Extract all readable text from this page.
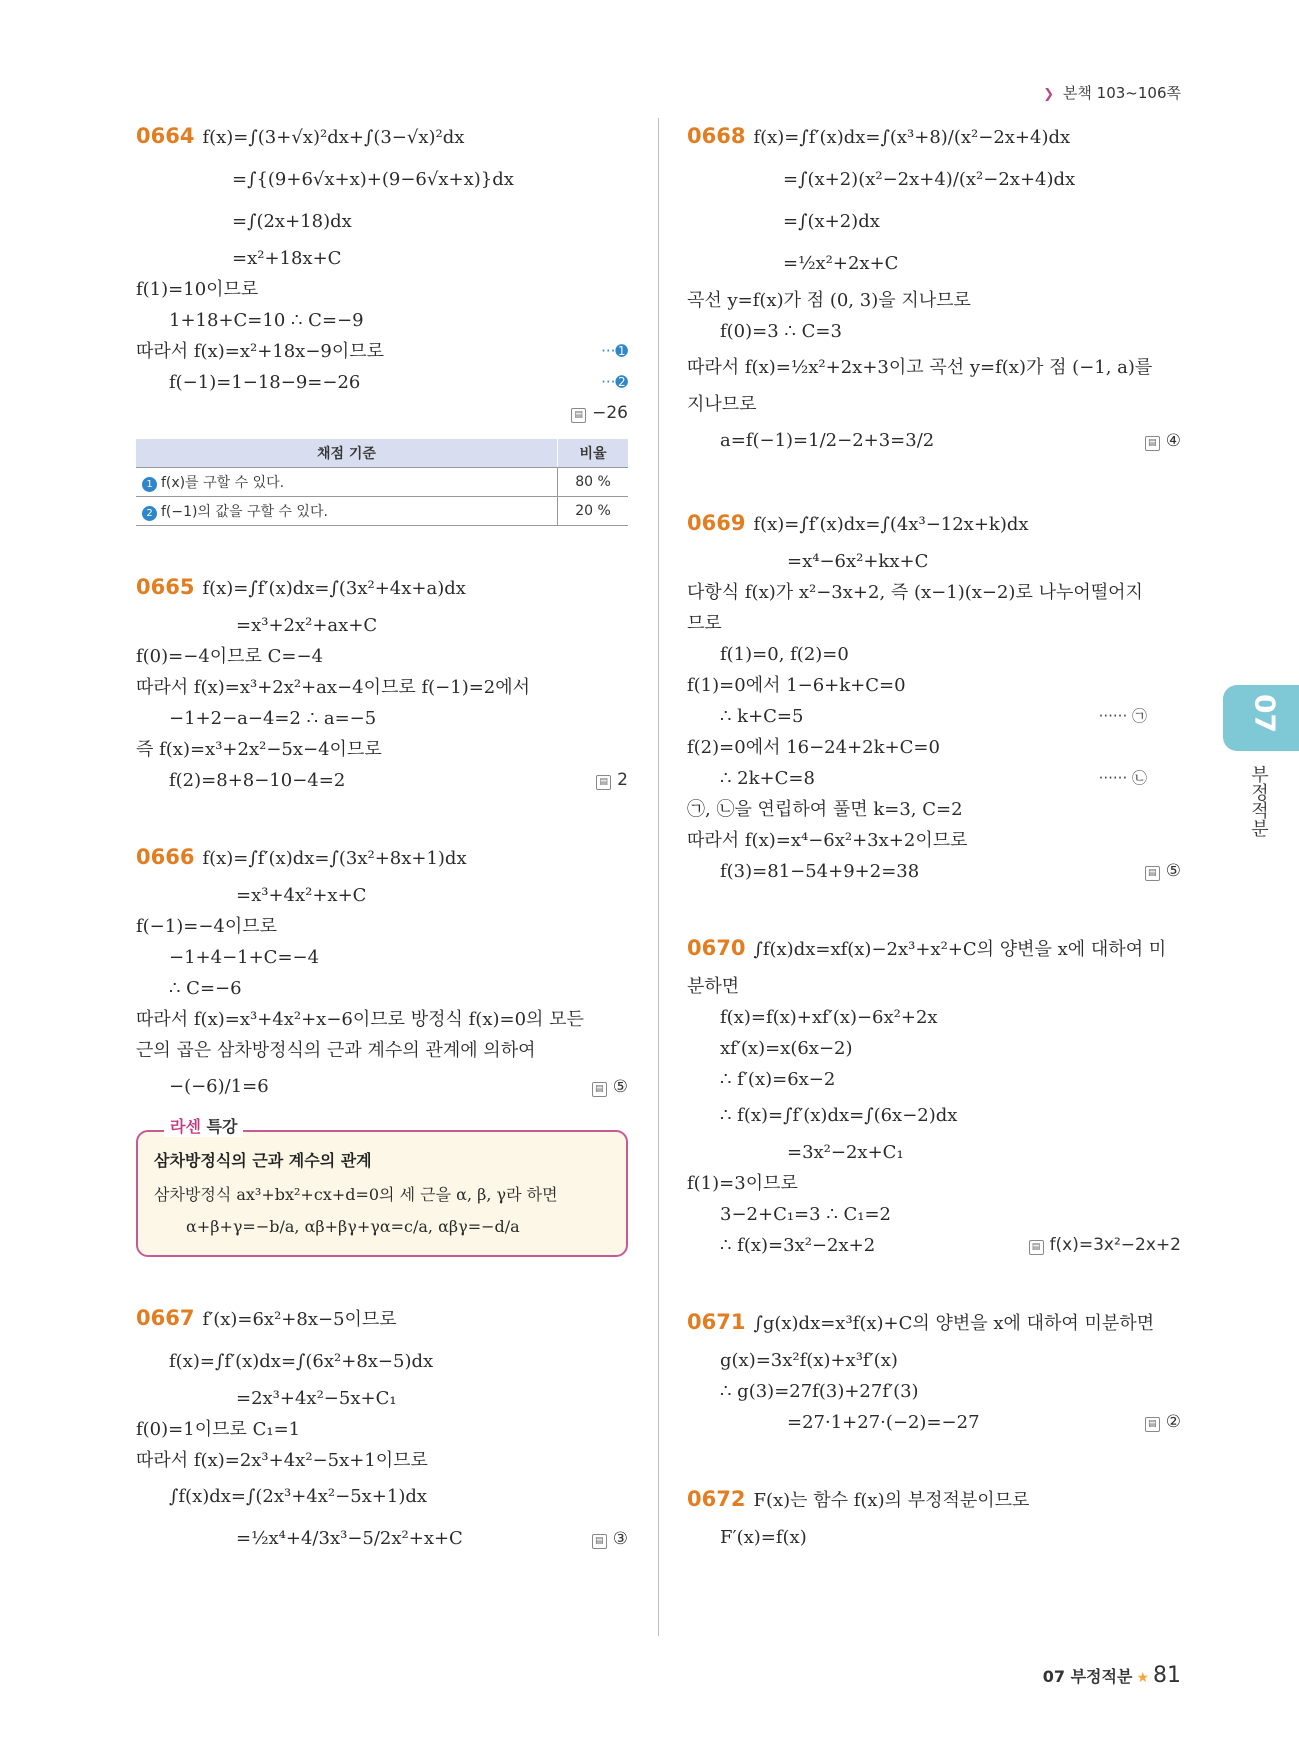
❯ 본책 103~106쪽
0664 f(x)=∫(3+√x)²dx+∫(3−√x)²dx
=∫{(9+6√x+x)+(9−6√x+x)}dx
=∫(2x+18)dx
=x²+18x+C
f(1)=10이므로
1+18+C=10 ∴ C=−9
따라서 f(x)=x²+18x−9이므로	···➊
f(−1)=1−18−9=−26	···➋
▤ −26
채점 기준	비율
1 f(x)를 구할 수 있다.	80 %
2 f(−1)의 값을 구할 수 있다.	20 %
0665 f(x)=∫f′(x)dx=∫(3x²+4x+a)dx
=x³+2x²+ax+C
f(0)=−4이므로 C=−4
따라서 f(x)=x³+2x²+ax−4이므로 f(−1)=2에서
−1+2−a−4=2 ∴ a=−5
즉 f(x)=x³+2x²−5x−4이므로
f(2)=8+8−10−4=2	▤ 2
0666 f(x)=∫f′(x)dx=∫(3x²+8x+1)dx
=x³+4x²+x+C
f(−1)=−4이므로
−1+4−1+C=−4
∴ C=−6
따라서 f(x)=x³+4x²+x−6이므로 방정식 f(x)=0의 모든
근의 곱은 삼차방정식의 근과 계수의 관계에 의하여
−(−6)/1=6	▤ ⑤
라센 특강
삼차방정식의 근과 계수의 관계
삼차방정식 ax³+bx²+cx+d=0의 세 근을 α, β, γ라 하면
α+β+γ=−b/a, αβ+βγ+γα=c/a, αβγ=−d/a
0667 f′(x)=6x²+8x−5이므로
f(x)=∫f′(x)dx=∫(6x²+8x−5)dx
=2x³+4x²−5x+C₁
f(0)=1이므로 C₁=1
따라서 f(x)=2x³+4x²−5x+1이므로
∫f(x)dx=∫(2x³+4x²−5x+1)dx
=½x⁴+4/3x³−5/2x²+x+C	▤ ③
0668 f(x)=∫f′(x)dx=∫(x³+8)/(x²−2x+4)dx
=∫(x+2)(x²−2x+4)/(x²−2x+4)dx
=∫(x+2)dx
=½x²+2x+C
곡선 y=f(x)가 점 (0, 3)을 지나므로
f(0)=3 ∴ C=3
따라서 f(x)=½x²+2x+3이고 곡선 y=f(x)가 점 (−1, a)를
지나므로
a=f(−1)=1/2−2+3=3/2	▤ ④
0669 f(x)=∫f′(x)dx=∫(4x³−12x+k)dx
=x⁴−6x²+kx+C
다항식 f(x)가 x²−3x+2, 즉 (x−1)(x−2)로 나누어떨어지
므로
f(1)=0, f(2)=0
f(1)=0에서 1−6+k+C=0
∴ k+C=5	······ ㉠
f(2)=0에서 16−24+2k+C=0
∴ 2k+C=8	······ ㉡
㉠, ㉡을 연립하여 풀면 k=3, C=2
따라서 f(x)=x⁴−6x²+3x+2이므로
f(3)=81−54+9+2=38	▤ ⑤
0670 ∫f(x)dx=xf(x)−2x³+x²+C의 양변을 x에 대하여 미
분하면
f(x)=f(x)+xf′(x)−6x²+2x
xf′(x)=x(6x−2)
∴ f′(x)=6x−2
∴ f(x)=∫f′(x)dx=∫(6x−2)dx
=3x²−2x+C₁
f(1)=3이므로
3−2+C₁=3 ∴ C₁=2
∴ f(x)=3x²−2x+2	▤ f(x)=3x²−2x+2
0671 ∫g(x)dx=x³f(x)+C의 양변을 x에 대하여 미분하면
g(x)=3x²f(x)+x³f′(x)
∴ g(3)=27f(3)+27f′(3)
=27·1+27·(−2)=−27	▤ ②
0672 F(x)는 함수 f(x)의 부정적분이므로
F′(x)=f(x)
07
부정적분
07 부정적분 ★ 81
